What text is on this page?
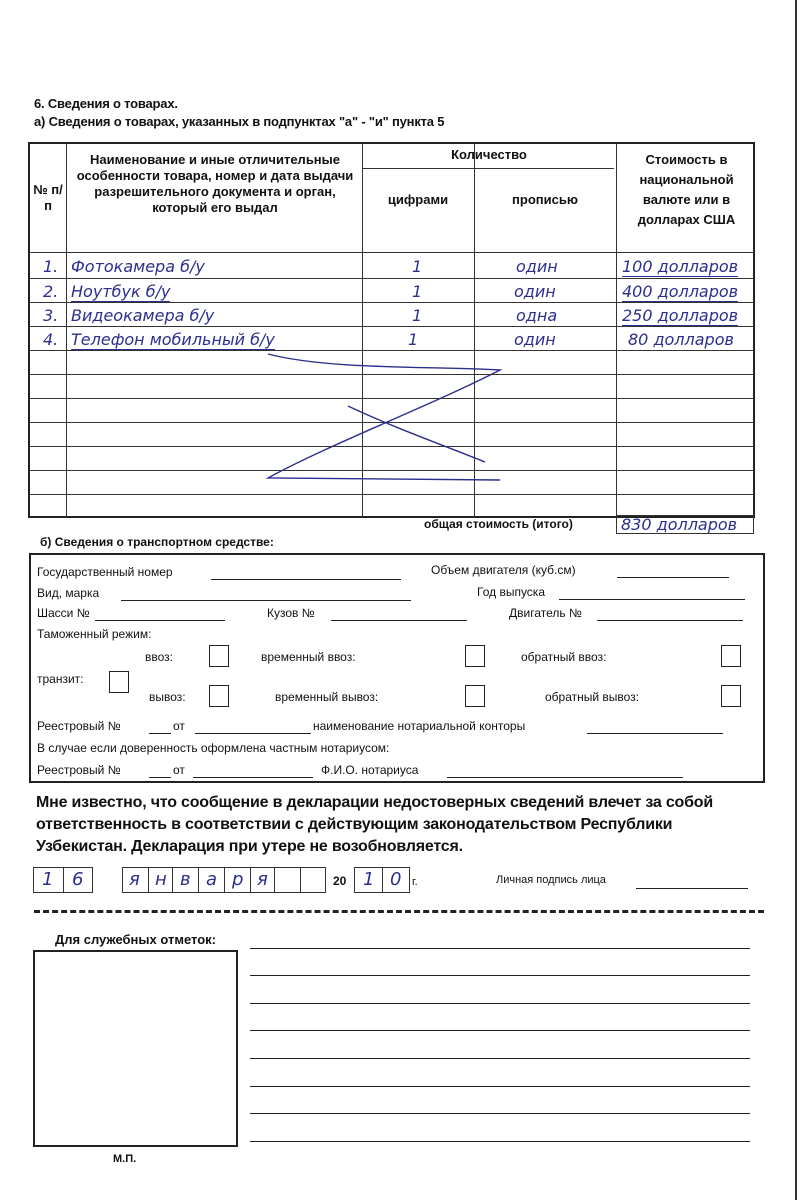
6. Сведения о товарах.
а) Сведения о товарах, указанных в подпунктах "а" - "и" пункта 5
№ п/п
Наименование и иные отличительные особенности товара, номер и дата выдачи разрешительного документа и орган, который его выдал
Количество
цифрами	прописью
Стоимость в национальной валюте или в долларах США
1. Фотокамера б/у	1	один	100 долларов
2. Ноутбук б/у	1	один	400 долларов
3. Видеокамера б/у	1	одна	250 долларов
4. Телефон мобильный б/у	1	один	80 долларов
общая стоимость (итого)	830 долларов
б) Сведения о транспортном средстве:
Государственный номер	Объем двигателя (куб.см)
Вид, марка	Год выпуска
Шасси №	Кузов №	Двигатель №
Таможенный режим:
ввоз:	временный ввоз:	обратный ввоз:
транзит:
вывоз:	временный вывоз:	обратный вывоз:
Реестровый №	от	наименование нотариальной конторы
В случае если доверенность оформлена частным нотариусом:
Реестровый №	от	Ф.И.О. нотариуса
Мне известно, что сообщение в декларации недостоверных сведений влечет за собой ответственность в соответствии с действующим законодательством Республики Узбекистан. Декларация при утере не возобновляется.
1 6	я н в а р я	20 1 0 г.	Личная подпись лица
Для служебных отметок:
М.П.
